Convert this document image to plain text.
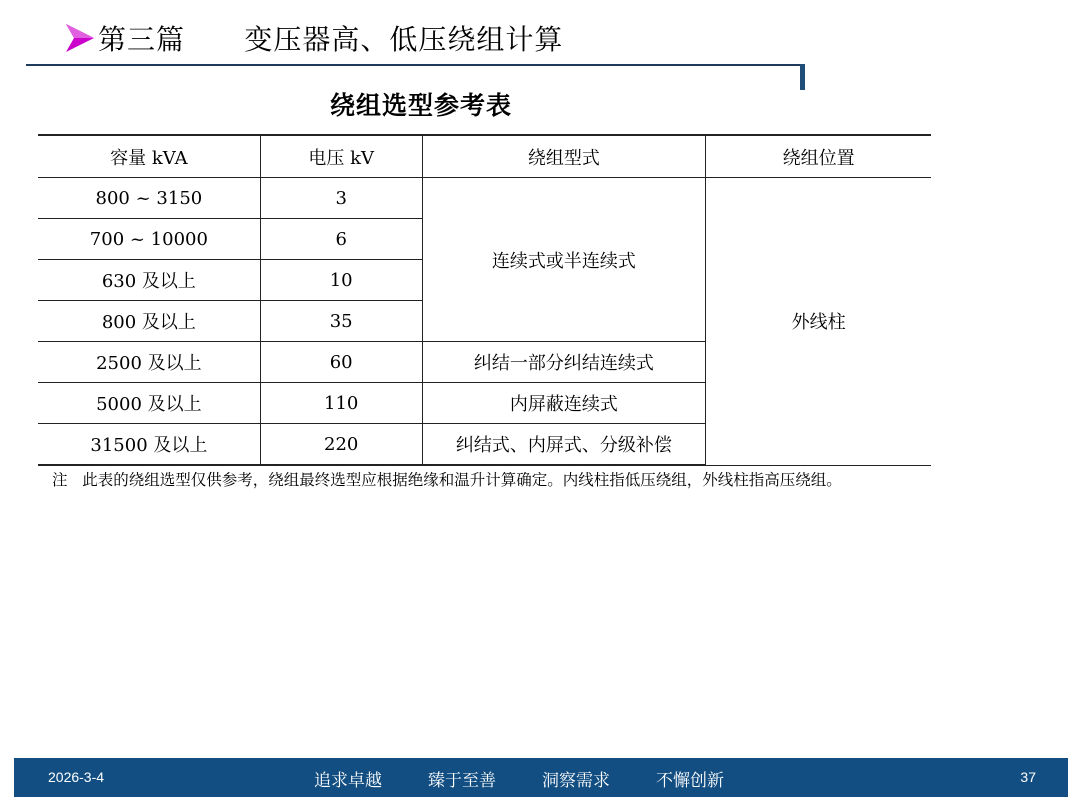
第三篇      变压器高、低压绕组计算
绕组选型参考表
容量 kVA	电压 kV	绕组型式	绕组位置
800 ~ 3150	3	连续式或半连续式	外线柱
700 ~ 10000	6		
630 及以上	10		
800 及以上	35		
2500 及以上	60	纠结一部分纠结连续式	
5000 及以上	110	内屏蔽连续式	
31500 及以上	220	纠结式、内屏式、分级补偿	
注   此表的绕组选型仅供参考，绕组最终选型应根据绝缘和温升计算确定。内线柱指低压绕组，外线柱指高压绕组。
2026-3-4	追求卓越	臻于至善	洞察需求	不懈创新	37
